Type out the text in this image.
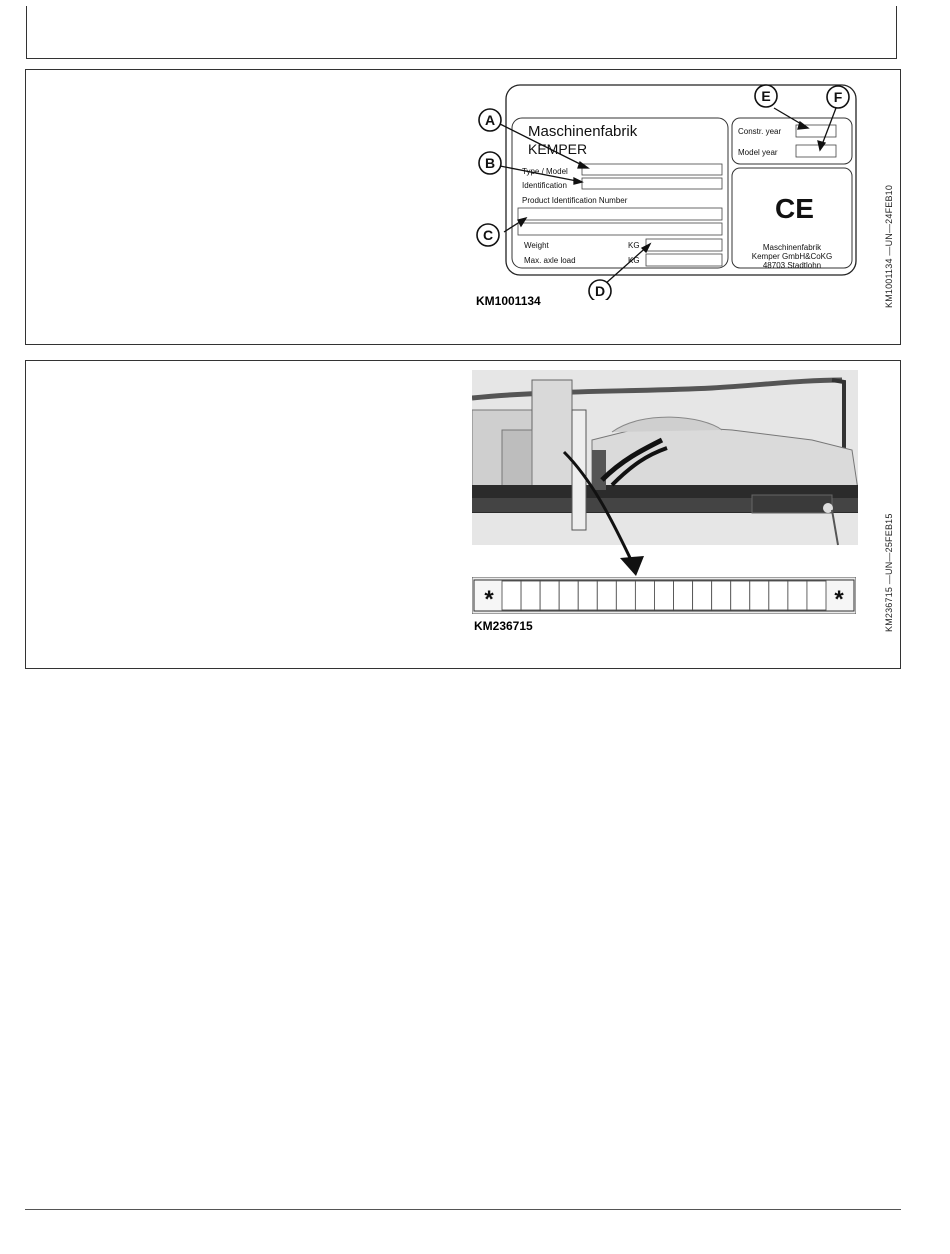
Maschinenfabrik
KEMPER
Type / Model
Identification
Product Identification Number
Weight	KG
Max. axle load	KG
Constr. year
Model year
CE
Maschinenfabrik
Kemper GmbH&CoKG
48703 Stadtlohn
A
B
C
D
E	F
KM1001134	KM1001134 —UN—24FEB10
*	*
KM236715	KM236715 —UN—25FEB15
